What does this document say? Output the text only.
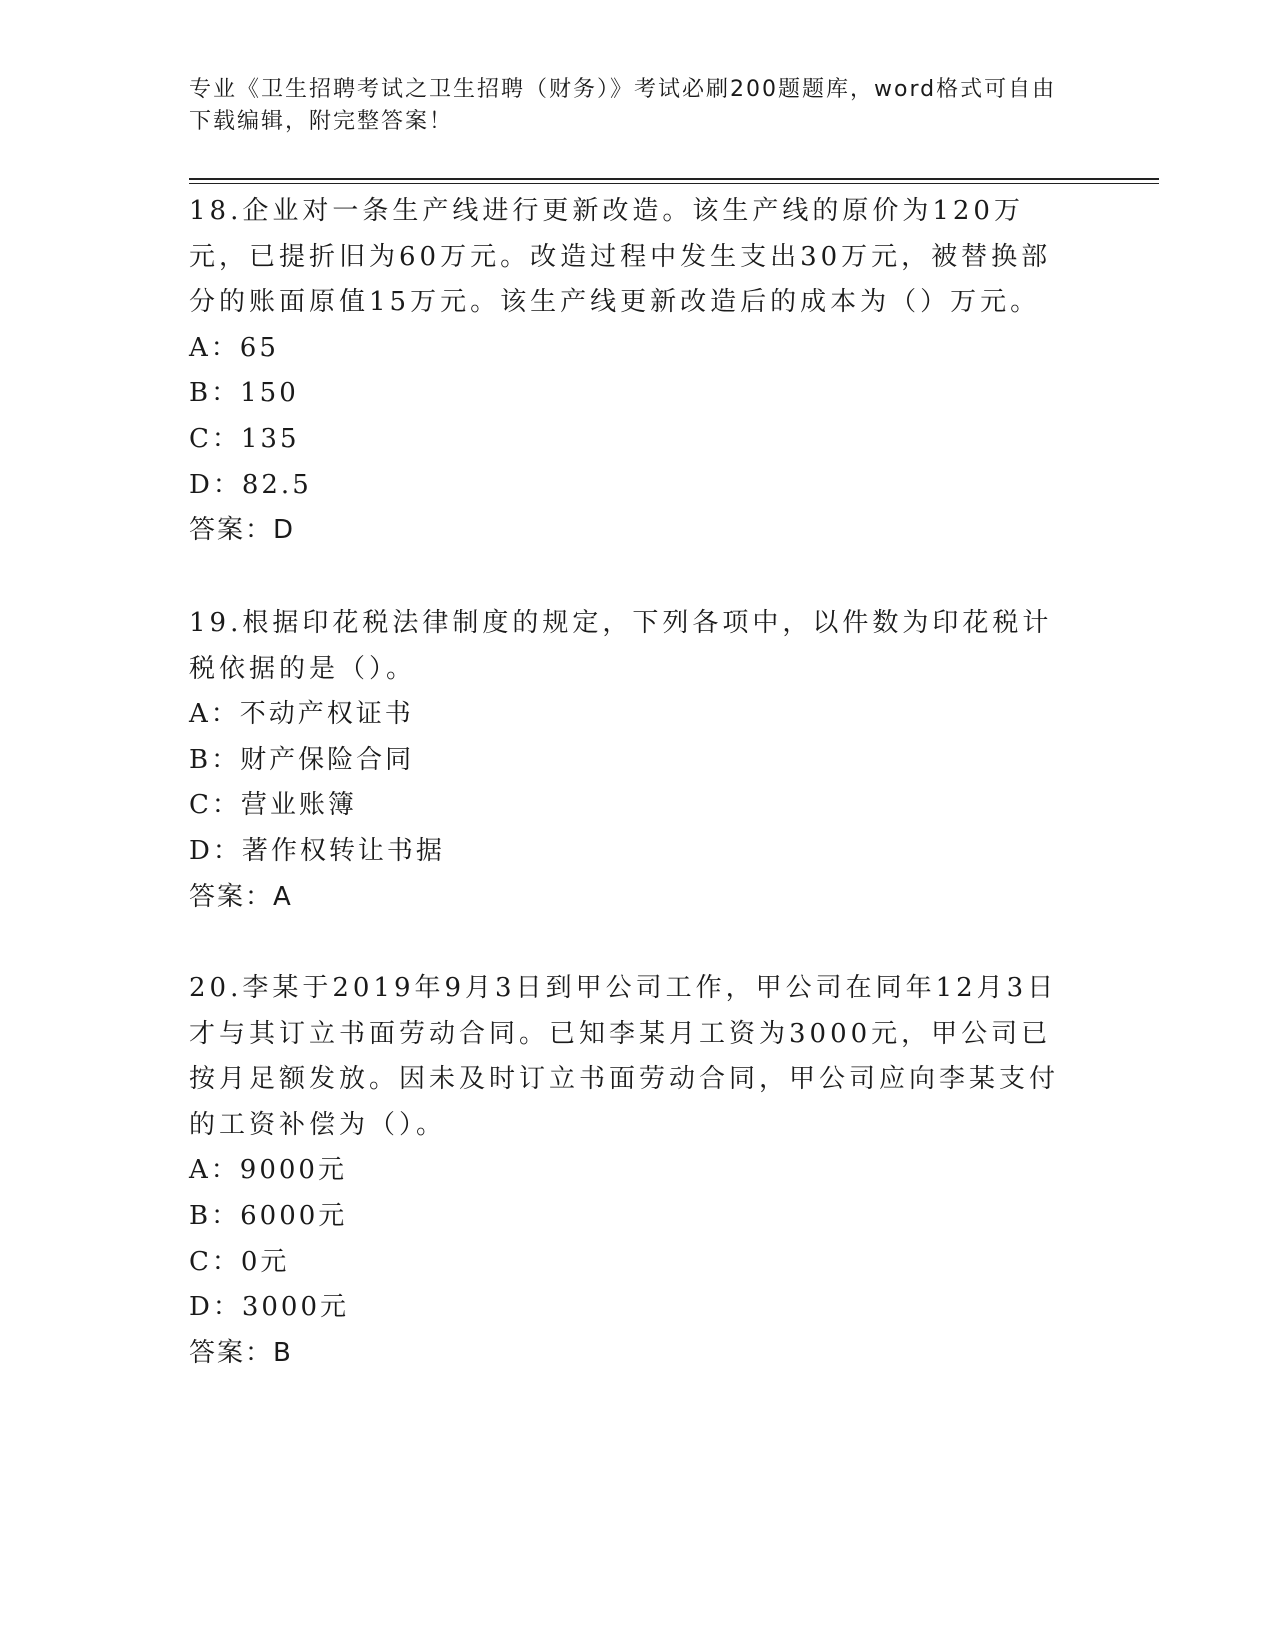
专业《卫生招聘考试之卫生招聘（财务）》考试必刷200题题库，word格式可自由下载编辑，附完整答案！

18.企业对一条生产线进行更新改造。该生产线的原价为120万元，已提折旧为60万元。改造过程中发生支出30万元，被替换部分的账面原值15万元。该生产线更新改造后的成本为（）万元。

A：65

B：150

C：135

D：82.5

答案：D

19.根据印花税法律制度的规定，下列各项中，以件数为印花税计税依据的是（）。

A：不动产权证书

B：财产保险合同

C：营业账簿

D：著作权转让书据

答案：A

20.李某于2019年9月3日到甲公司工作，甲公司在同年12月3日才与其订立书面劳动合同。已知李某月工资为3000元，甲公司已按月足额发放。因未及时订立书面劳动合同，甲公司应向李某支付的工资补偿为（）。

A：9000元

B：6000元

C：0元

D：3000元

答案：B
